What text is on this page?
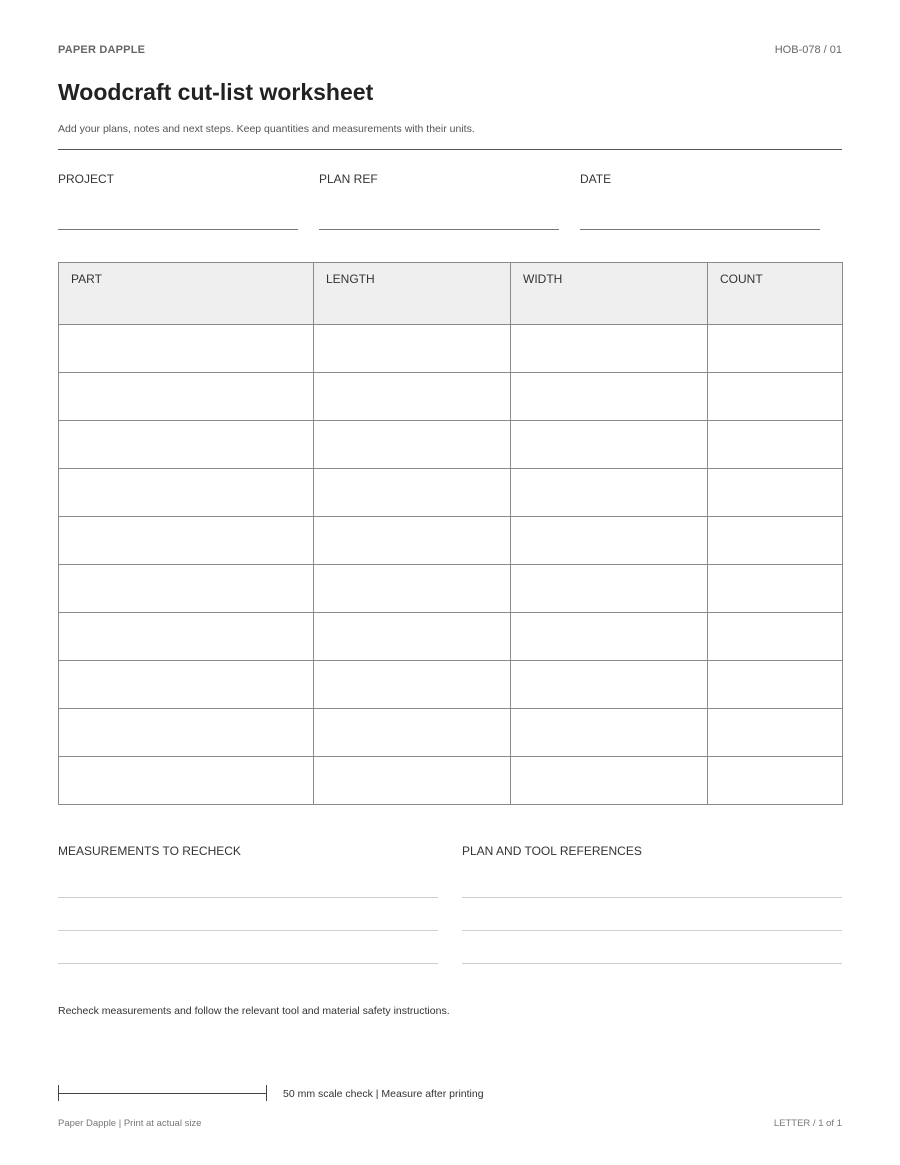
PAPER DAPPLE	HOB-078 / 01
Woodcraft cut-list worksheet
Add your plans, notes and next steps. Keep quantities and measurements with their units.
PROJECT	PLAN REF	DATE
PART	LENGTH	WIDTH	COUNT

MEASUREMENTS TO RECHECK	PLAN AND TOOL REFERENCES
Recheck measurements and follow the relevant tool and material safety instructions.
50 mm scale check | Measure after printing
Paper Dapple | Print at actual size	LETTER / 1 of 1
